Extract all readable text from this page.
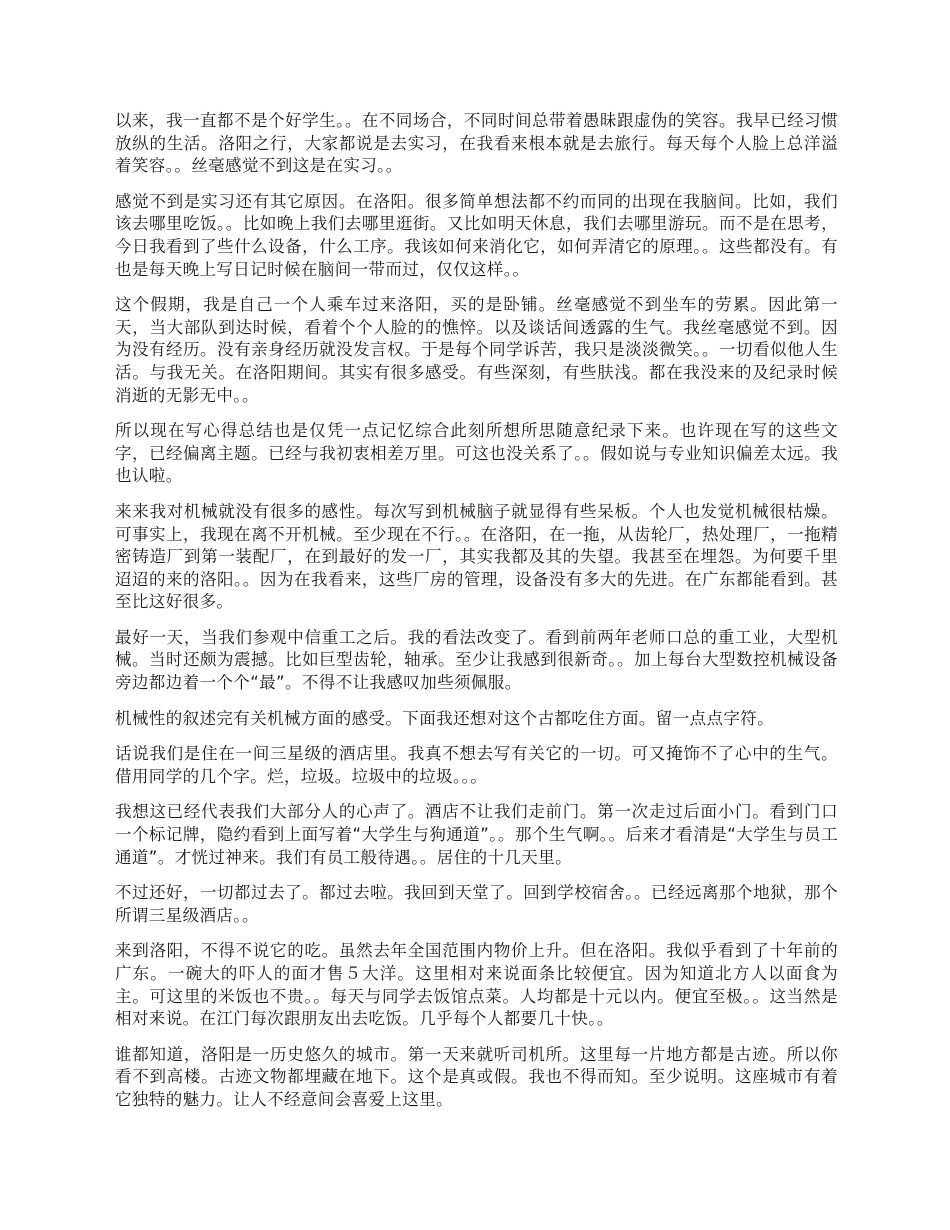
以来，我一直都不是个好学生。。在不同场合，不同时间总带着愚昧跟虚伪的笑容。我早已经习惯放纵的生活。洛阳之行，大家都说是去实习，在我看来根本就是去旅行。每天每个人脸上总洋溢着笑容。。丝毫感觉不到这是在实习。。

感觉不到是实习还有其它原因。在洛阳。很多简单想法都不约而同的出现在我脑间。比如，我们该去哪里吃饭。。比如晚上我们去哪里逛街。又比如明天休息，我们去哪里游玩。而不是在思考，今日我看到了些什么设备，什么工序。我该如何来消化它，如何弄清它的原理。。这些都没有。有也是每天晚上写日记时候在脑间一带而过，仅仅这样。。

这个假期，我是自己一个人乘车过来洛阳，买的是卧铺。丝毫感觉不到坐车的劳累。因此第一天，当大部队到达时候，看着个个人脸的的憔悴。以及谈话间透露的生气。我丝毫感觉不到。因为没有经历。没有亲身经历就没发言权。于是每个同学诉苦，我只是淡淡微笑。。一切看似他人生活。与我无关。在洛阳期间。其实有很多感受。有些深刻，有些肤浅。都在我没来的及纪录时候消逝的无影无中。。

所以现在写心得总结也是仅凭一点记忆综合此刻所想所思随意纪录下来。也许现在写的这些文字，已经偏离主题。已经与我初衷相差万里。可这也没关系了。。假如说与专业知识偏差太远。我也认啦。

来来我对机械就没有很多的感性。每次写到机械脑子就显得有些呆板。个人也发觉机械很枯燥。可事实上，我现在离不开机械。至少现在不行。。在洛阳，在一拖，从齿轮厂，热处理厂，一拖精密铸造厂到第一装配厂，在到最好的发一厂，其实我都及其的失望。我甚至在埋怨。为何要千里迢迢的来的洛阳。。因为在我看来，这些厂房的管理，设备没有多大的先进。在广东都能看到。甚至比这好很多。

最好一天，当我们参观中信重工之后。我的看法改变了。看到前两年老师口总的重工业，大型机械。当时还颇为震撼。比如巨型齿轮，轴承。至少让我感到很新奇。。加上每台大型数控机械设备旁边都边着一个个“最”。不得不让我感叹加些须佩服。

机械性的叙述完有关机械方面的感受。下面我还想对这个古都吃住方面。留一点点字符。

话说我们是住在一间三星级的酒店里。我真不想去写有关它的一切。可又掩饰不了心中的生气。借用同学的几个字。烂，垃圾。垃圾中的垃圾。。。

我想这已经代表我们大部分人的心声了。酒店不让我们走前门。第一次走过后面小门。看到门口一个标记牌，隐约看到上面写着“大学生与狗通道”。。那个生气啊。。后来才看清是“大学生与员工通道”。才恍过神来。我们有员工般待遇。。居住的十几天里。

不过还好，一切都过去了。都过去啦。我回到天堂了。回到学校宿舍。。已经远离那个地狱，那个所谓三星级酒店。。

来到洛阳，不得不说它的吃。虽然去年全国范围内物价上升。但在洛阳。我似乎看到了十年前的广东。一碗大的吓人的面才售５大洋。这里相对来说面条比较便宜。因为知道北方人以面食为主。可这里的米饭也不贵。。每天与同学去饭馆点菜。人均都是十元以内。便宜至极。。这当然是相对来说。在江门每次跟朋友出去吃饭。几乎每个人都要几十快。。

谁都知道，洛阳是一历史悠久的城市。第一天来就听司机所。这里每一片地方都是古迹。所以你看不到高楼。古迹文物都埋藏在地下。这个是真或假。我也不得而知。至少说明。这座城市有着它独特的魅力。让人不经意间会喜爱上这里。
